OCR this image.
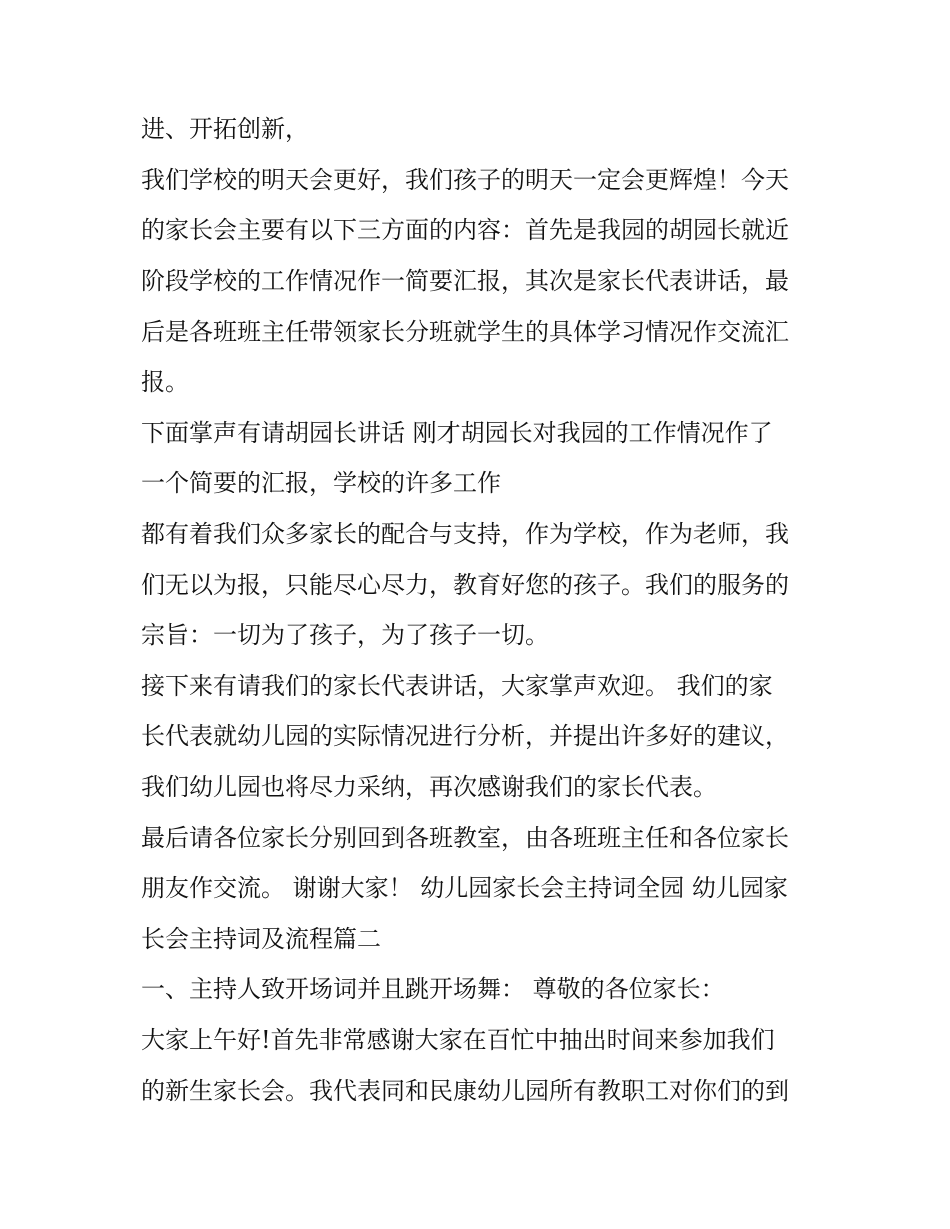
进、开拓创新，

我们学校的明天会更好，我们孩子的明天一定会更辉煌！今天

的家长会主要有以下三方面的内容：首先是我园的胡园长就近

阶段学校的工作情况作一简要汇报，其次是家长代表讲话，最

后是各班班主任带领家长分班就学生的具体学习情况作交流汇

报。

下面掌声有请胡园长讲话 刚才胡园长对我园的工作情况作了

一个简要的汇报，学校的许多工作

都有着我们众多家长的配合与支持，作为学校，作为老师，我

们无以为报，只能尽心尽力，教育好您的孩子。我们的服务的

宗旨：一切为了孩子，为了孩子一切。

接下来有请我们的家长代表讲话，大家掌声欢迎。 我们的家

长代表就幼儿园的实际情况进行分析，并提出许多好的建议，

我们幼儿园也将尽力采纳，再次感谢我们的家长代表。

最后请各位家长分别回到各班教室，由各班班主任和各位家长

朋友作交流。 谢谢大家！ 幼儿园家长会主持词全园 幼儿园家

长会主持词及流程篇二

一、主持人致开场词并且跳开场舞： 尊敬的各位家长：

大家上午好!首先非常感谢大家在百忙中抽出时间来参加我们

的新生家长会。我代表同和民康幼儿园所有教职工对你们的到
